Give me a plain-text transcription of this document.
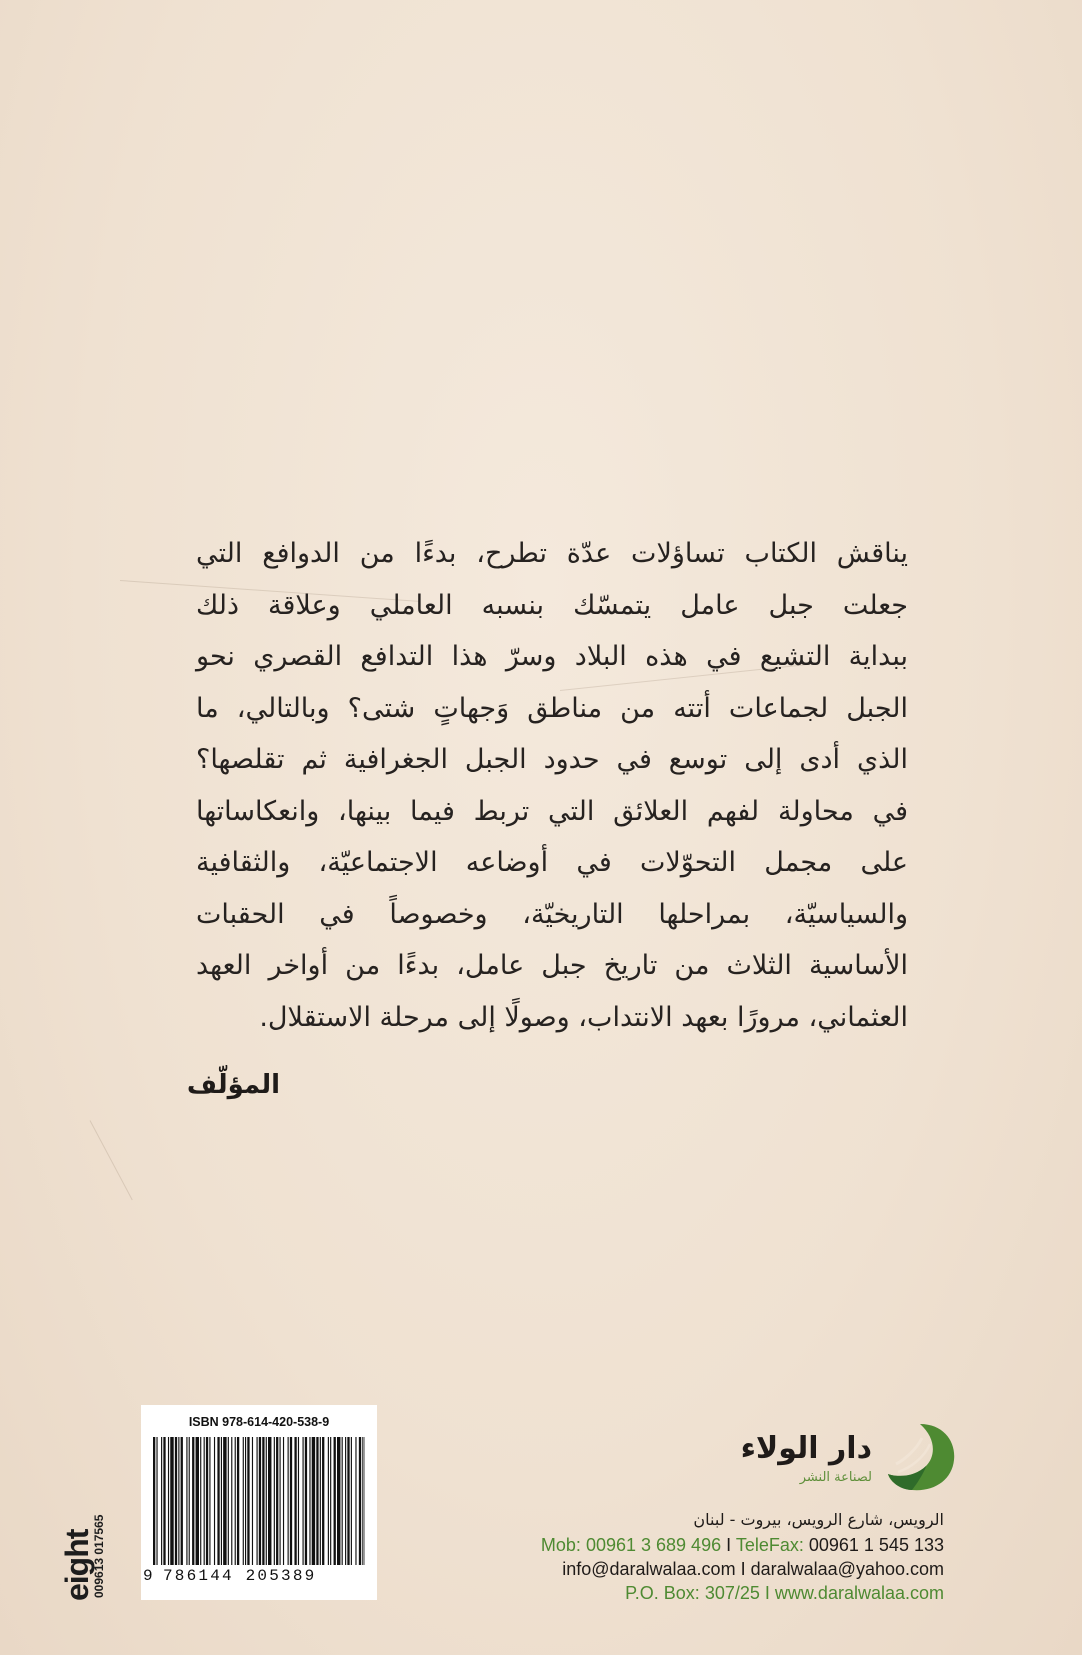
يناقش الكتاب تساؤلات عدّة تطرح، بدءًا من الدوافع التي

جعلت جبل عامل يتمسّك بنسبه العاملي وعلاقة ذلك

ببداية التشيع في هذه البلاد وسرّ هذا التدافع القصري نحو

الجبل لجماعات أتته من مناطق وَجهاتٍ شتى؟ وبالتالي، ما

الذي أدى إلى توسع في حدود الجبل الجغرافية ثم تقلصها؟

في محاولة لفهم العلائق التي تربط فيما بينها، وانعكاساتها

على مجمل التحوّلات في أوضاعه الاجتماعيّة، والثقافية

والسياسيّة، بمراحلها التاريخيّة، وخصوصاً في الحقبات

الأساسية الثلاث من تاريخ جبل عامل، بدءًا من أواخر العهد

العثماني، مرورًا بعهد الانتداب، وصولًا إلى مرحلة الاستقلال.

المؤلّف
eight
009613 017565
ISBN 978-614-420-538-9
9 786144 205389
دار الولاء
لصناعة النشر
الرويس، شارع الرويس، بيروت - لبنان
Mob: 00961 3 689 496 I TeleFax: 00961 1 545 133
info@daralwalaa.com I daralwalaa@yahoo.com
P.O. Box: 307/25 I www.daralwalaa.com
